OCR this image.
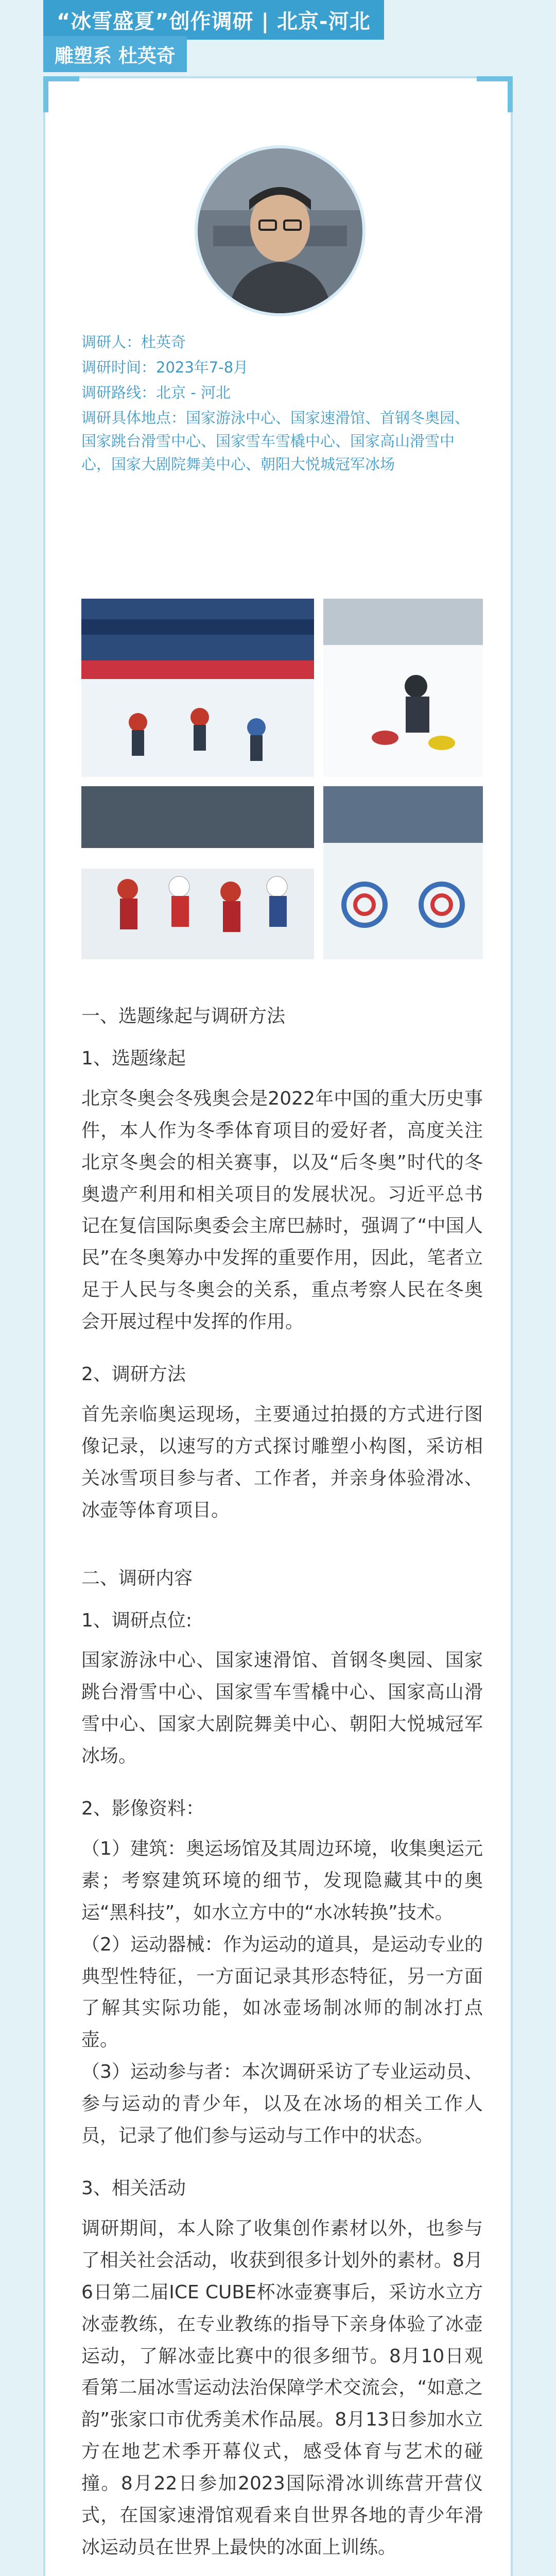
“冰雪盛夏”创作调研 | 北京-河北
雕塑系 杜英奇

调研人：杜英奇

调研时间：2023年7-8月

调研路线：北京 - 河北

调研具体地点：国家游泳中心、国家速滑馆、首钢冬奥园、国家跳台滑雪中心、国家雪车雪橇中心、国家高山滑雪中心，国家大剧院舞美中心、朝阳大悦城冠军冰场

一、选题缘起与调研方法

1、选题缘起

北京冬奥会冬残奥会是2022年中国的重大历史事件，本人作为冬季体育项目的爱好者，高度关注北京冬奥会的相关赛事，以及“后冬奥”时代的冬奥遗产利用和相关项目的发展状况。习近平总书记在复信国际奥委会主席巴赫时，强调了“中国人民”在冬奥筹办中发挥的重要作用，因此，笔者立足于人民与冬奥会的关系，重点考察人民在冬奥会开展过程中发挥的作用。

2、调研方法

首先亲临奥运现场，主要通过拍摄的方式进行图像记录，以速写的方式探讨雕塑小构图，采访相关冰雪项目参与者、工作者，并亲身体验滑冰、冰壶等体育项目。

二、调研内容

1、调研点位:

国家游泳中心、国家速滑馆、首钢冬奥园、国家跳台滑雪中心、国家雪车雪橇中心、国家高山滑雪中心、国家大剧院舞美中心、朝阳大悦城冠军冰场。

2、影像资料：

（1）建筑：奥运场馆及其周边环境，收集奥运元素；考察建筑环境的细节，发现隐藏其中的奥运“黑科技”，如水立方中的“水冰转换”技术。

（2）运动器械：作为运动的道具，是运动专业的典型性特征，一方面记录其形态特征，另一方面了解其实际功能，如冰壶场制冰师的制冰打点壶。

（3）运动参与者：本次调研采访了专业运动员、参与运动的青少年，以及在冰场的相关工作人员，记录了他们参与运动与工作中的状态。

3、相关活动

调研期间，本人除了收集创作素材以外，也参与了相关社会活动，收获到很多计划外的素材。8月6日第二届ICE CUBE杯冰壶赛事后，采访水立方冰壶教练，在专业教练的指导下亲身体验了冰壶运动，了解冰壶比赛中的很多细节。8月10日观看第二届冰雪运动法治保障学术交流会，“如意之韵”张家口市优秀美术作品展。8月13日参加水立方在地艺术季开幕仪式，感受体育与艺术的碰撞。8月22日参加2023国际滑冰训练营开营仪式，在国家速滑馆观看来自世界各地的青少年滑冰运动员在世界上最快的冰面上训练。
